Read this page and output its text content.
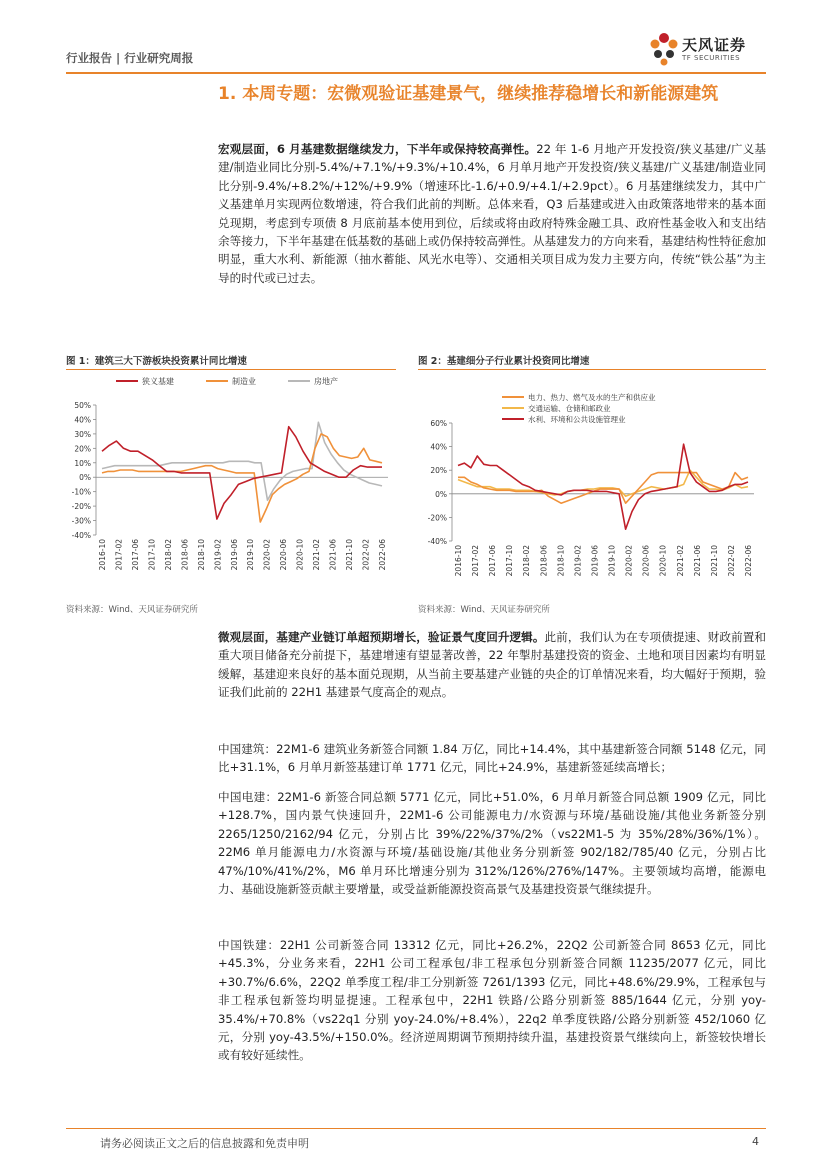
行业报告 | 行业研究周报
天风证券
TF SECURITIES
1. 本周专题：宏微观验证基建景气，继续推荐稳增长和新能源建筑
宏观层面，6 月基建数据继续发力，下半年或保持较高弹性。22 年 1-6 月地产开发投资/狭义基建/广义基建/制造业同比分别-5.4%/+7.1%/+9.3%/+10.4%，6 月单月地产开发投资/狭义基建/广义基建/制造业同比分别-9.4%/+8.2%/+12%/+9.9%（增速环比-1.6/+0.9/+4.1/+2.9pct）。6 月基建继续发力，其中广义基建单月实现两位数增速，符合我们此前的判断。总体来看，Q3 后基建或进入由政策落地带来的基本面兑现期，考虑到专项债 8 月底前基本使用到位，后续或将由政府特殊金融工具、政府性基金收入和支出结余等接力，下半年基建在低基数的基础上或仍保持较高弹性。从基建发力的方向来看，基建结构性特征愈加明显，重大水利、新能源（抽水蓄能、风光水电等）、交通相关项目成为发力主要方向，传统“铁公基”为主导的时代或已过去。
图 1：建筑三大下游板块投资累计同比增速
50%
40%
30%
20%
10%
0%
-10%
-20%
-30%
-40%
2016-10 2017-02 2017-06 2017-10 2018-02 2018-06 2018-10 2019-02 2019-06 2019-10 2020-02 2020-06 2020-10 2021-02 2021-06 2021-10 2022-02 2022-06
狭义基建	制造业	房地产
资料来源：Wind、天风证券研究所
图 2：基建细分子行业累计投资同比增速
60%
40%
20%
0%
-20%
-40%
2016-10 2017-02 2017-06 2017-10 2018-02 2018-06 2018-10 2019-02 2019-06 2019-10 2020-02 2020-06 2020-10 2021-02 2021-06 2021-10 2022-02 2022-06
电力、热力、燃气及水的生产和供应业
交通运输、仓储和邮政业
水利、环境和公共设施管理业
资料来源：Wind、天风证券研究所
微观层面，基建产业链订单超预期增长，验证景气度回升逻辑。此前，我们认为在专项债提速、财政前置和重大项目储备充分前提下，基建增速有望显著改善，22 年掣肘基建投资的资金、土地和项目因素均有明显缓解，基建迎来良好的基本面兑现期，从当前主要基建产业链的央企的订单情况来看，均大幅好于预期，验证我们此前的 22H1 基建景气度高企的观点。
中国建筑：22M1-6 建筑业务新签合同额 1.84 万亿，同比+14.4%，其中基建新签合同额 5148 亿元，同比+31.1%，6 月单月新签基建订单 1771 亿元，同比+24.9%，基建新签延续高增长；
中国电建：22M1-6 新签合同总额 5771 亿元，同比+51.0%，6 月单月新签合同总额 1909 亿元，同比+128.7%，国内景气快速回升，22M1-6 公司能源电力/水资源与环境/基础设施/其他业务新签分别 2265/1250/2162/94 亿元，分别占比 39%/22%/37%/2%（vs22M1-5 为 35%/28%/36%/1%）。22M6 单月能源电力/水资源与环境/基础设施/其他业务分别新签 902/182/785/40 亿元，分别占比 47%/10%/41%/2%，M6 单月环比增速分别为 312%/126%/276%/147%。主要领域均高增，能源电力、基础设施新签贡献主要增量，或受益新能源投资高景气及基建投资景气继续提升。
中国铁建：22H1 公司新签合同 13312 亿元，同比+26.2%，22Q2 公司新签合同 8653 亿元，同比+45.3%，分业务来看，22H1 公司工程承包/非工程承包分别新签合同额 11235/2077 亿元，同比+30.7%/6.6%，22Q2 单季度工程/非工分别新签 7261/1393 亿元，同比+48.6%/29.9%，工程承包与非工程承包新签均明显提速。工程承包中，22H1 铁路/公路分别新签 885/1644 亿元，分别 yoy-35.4%/+70.8%（vs22q1 分别 yoy-24.0%/+8.4%），22q2 单季度铁路/公路分别新签 452/1060 亿元，分别 yoy-43.5%/+150.0%。经济逆周期调节预期持续升温，基建投资景气继续向上，新签较快增长或有较好延续性。
请务必阅读正文之后的信息披露和免责申明	4
